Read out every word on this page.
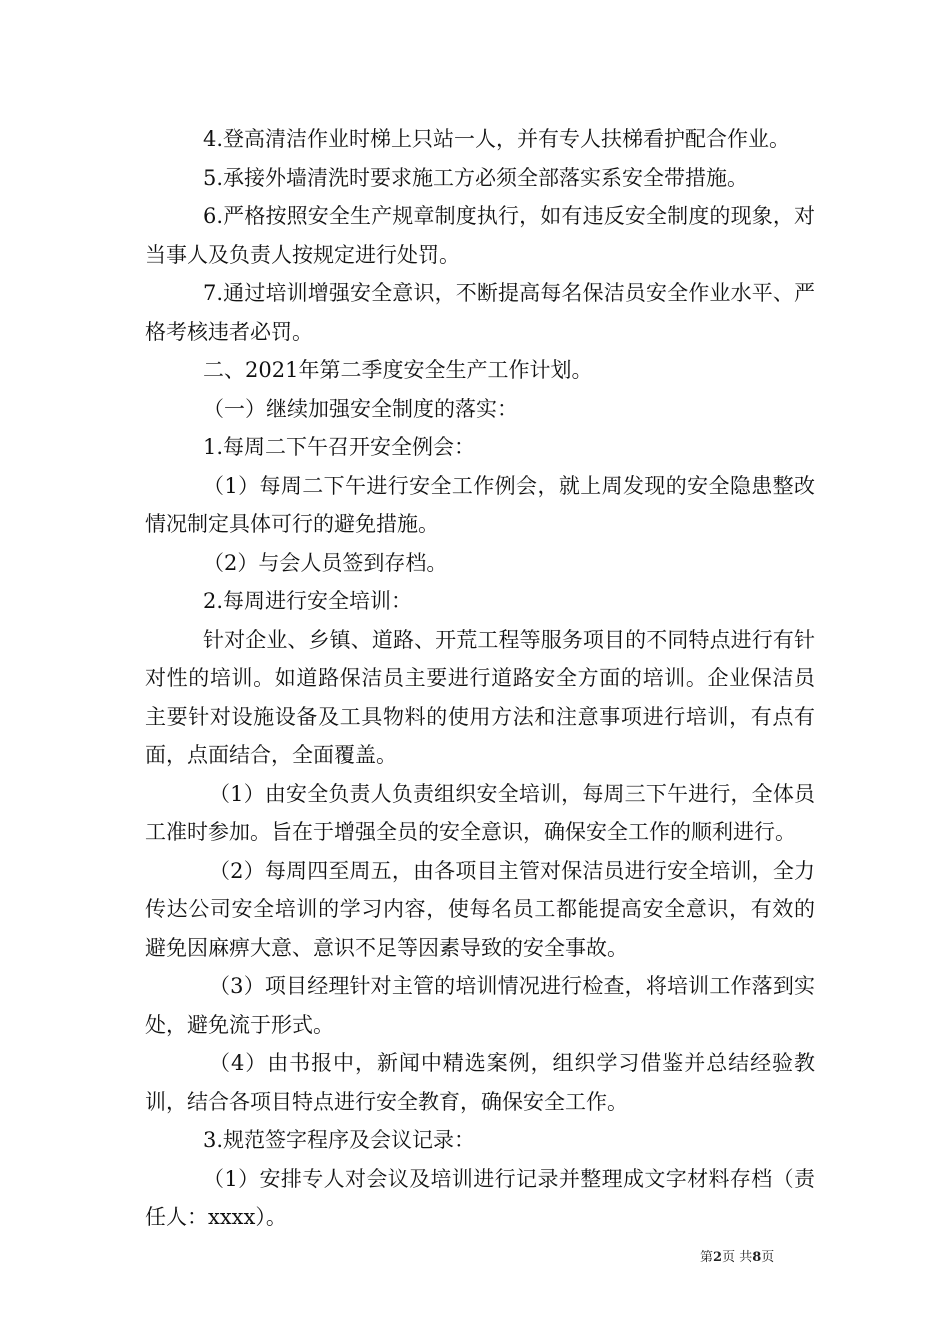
4.登高清洁作业时梯上只站一人，并有专人扶梯看护配合作业。

5.承接外墙清洗时要求施工方必须全部落实系安全带措施。

6.严格按照安全生产规章制度执行，如有违反安全制度的现象，对当事人及负责人按规定进行处罚。

7.通过培训增强安全意识，不断提高每名保洁员安全作业水平、严格考核违者必罚。

二、2021年第二季度安全生产工作计划。

（一）继续加强安全制度的落实：

1.每周二下午召开安全例会：

（1）每周二下午进行安全工作例会，就上周发现的安全隐患整改情况制定具体可行的避免措施。

（2）与会人员签到存档。

2.每周进行安全培训：

针对企业、乡镇、道路、开荒工程等服务项目的不同特点进行有针对性的培训。如道路保洁员主要进行道路安全方面的培训。企业保洁员主要针对设施设备及工具物料的使用方法和注意事项进行培训，有点有面，点面结合，全面覆盖。

（1）由安全负责人负责组织安全培训，每周三下午进行，全体员工准时参加。旨在于增强全员的安全意识，确保安全工作的顺利进行。

（2）每周四至周五，由各项目主管对保洁员进行安全培训，全力传达公司安全培训的学习内容，使每名员工都能提高安全意识，有效的避免因麻痹大意、意识不足等因素导致的安全事故。

（3）项目经理针对主管的培训情况进行检查，将培训工作落到实处，避免流于形式。

（4）由书报中，新闻中精选案例，组织学习借鉴并总结经验教训，结合各项目特点进行安全教育，确保安全工作。

3.规范签字程序及会议记录：

（1）安排专人对会议及培训进行记录并整理成文字材料存档（责任人：xxxx）。

第2页 共8页
